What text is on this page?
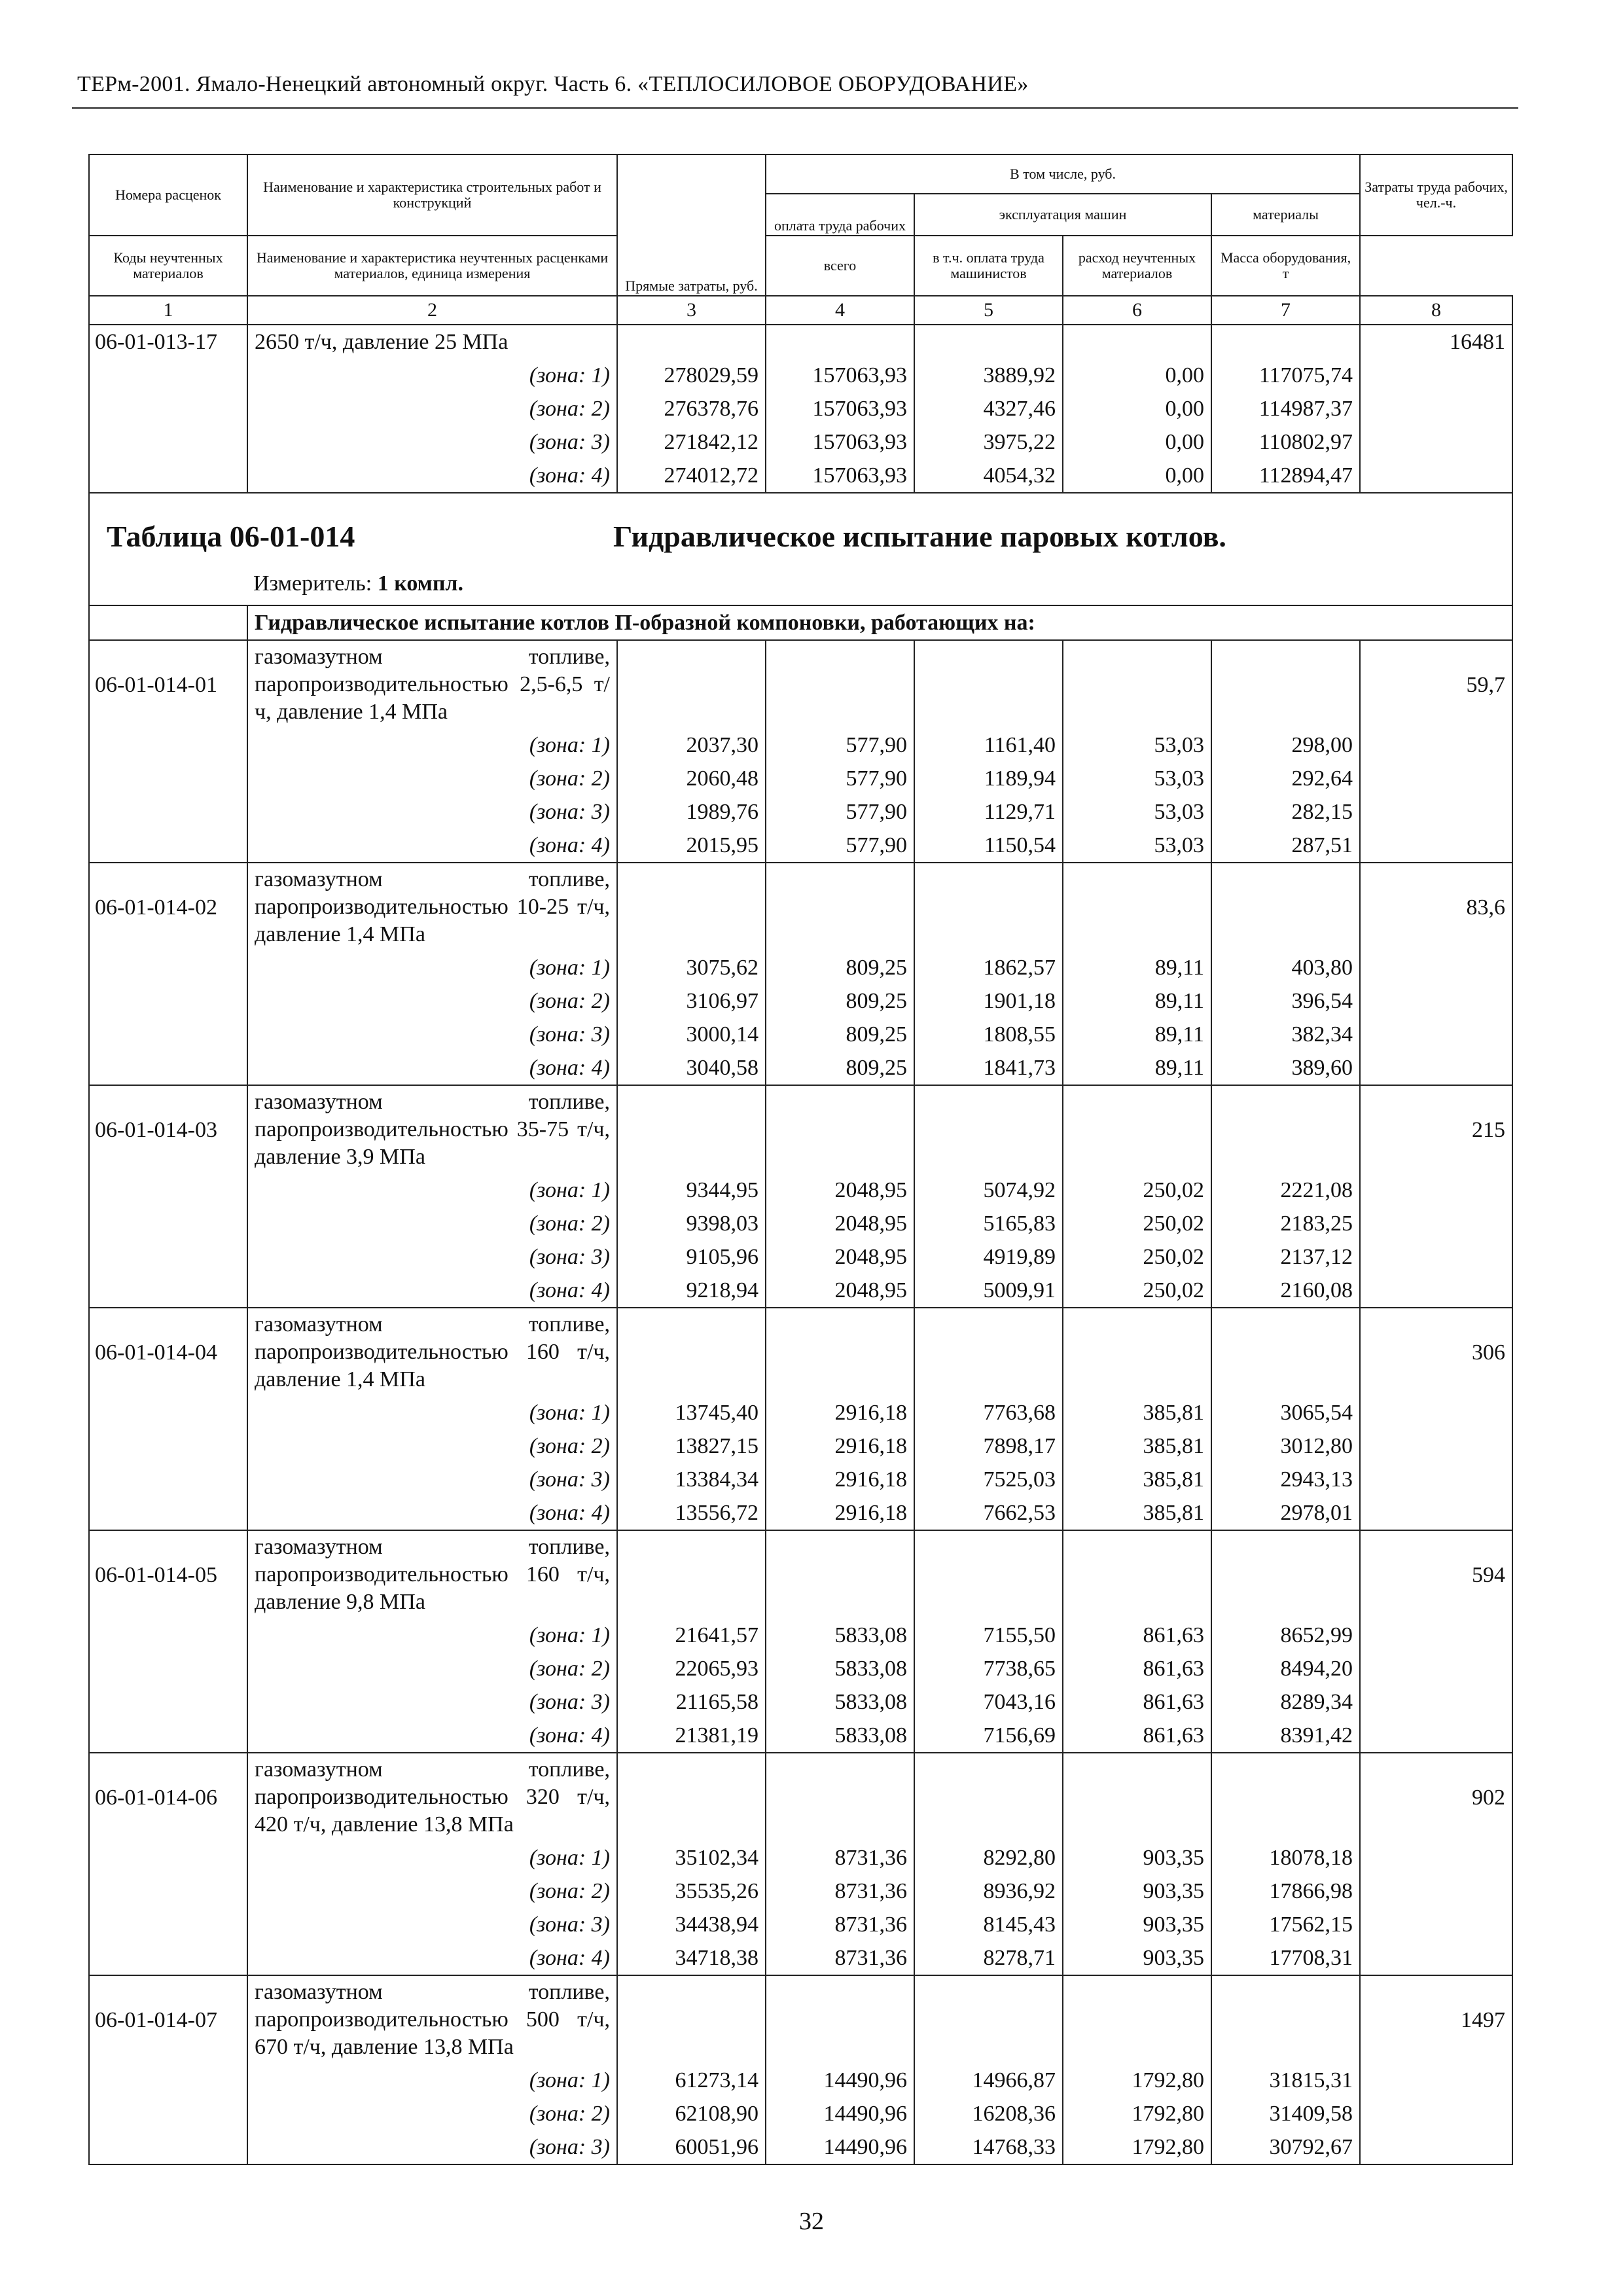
ТЕРм-2001. Ямало-Ненецкий автономный округ. Часть 6. «ТЕПЛОСИЛОВОЕ ОБОРУДОВАНИЕ»
Номера расценок	Наименование и характеристика строительных работ и конструкций	Прямые затраты, руб.	В том числе, руб.				Затраты труда рабочих, чел.-ч.
			оплата труда рабочих	эксплуатация машин		материалы	

Коды неучтенных материалов	Наименование и характеристика неучтенных расценками материалов, единица измерения		всего	в т.ч. оплата труда машинистов	расход неучтенных материалов	Масса оборудования, т	
1	2	3	4	5	6	7	8
06-01-013-17	2650 т/ч, давление 25 МПа						16481
	(зона: 1)	278029,59	157063,93	3889,92	0,00	117075,74	
	(зона: 2)	276378,76	157063,93	4327,46	0,00	114987,37	
	(зона: 3)	271842,12	157063,93	3975,22	0,00	110802,97	
	(зона: 4)	274012,72	157063,93	4054,32	0,00	112894,47	

Таблица 06-01-014 Гидравлическое испытание паровых котлов.
Измеритель: 1 компл.							

	Гидравлическое испытание котлов П-образной компоновки, работающих на:						
06-01-014-01	газомазутном топливе, паропроизводительностью 2,5-6,5 т/ч, давление 1,4 МПа						59,7
	(зона: 1)	2037,30	577,90	1161,40	53,03	298,00	
	(зона: 2)	2060,48	577,90	1189,94	53,03	292,64	
	(зона: 3)	1989,76	577,90	1129,71	53,03	282,15	
	(зона: 4)	2015,95	577,90	1150,54	53,03	287,51	
06-01-014-02	газомазутном топливе, паропроизводительностью 10-25 т/ч, давление 1,4 МПа						83,6
	(зона: 1)	3075,62	809,25	1862,57	89,11	403,80	
	(зона: 2)	3106,97	809,25	1901,18	89,11	396,54	
	(зона: 3)	3000,14	809,25	1808,55	89,11	382,34	
	(зона: 4)	3040,58	809,25	1841,73	89,11	389,60	
06-01-014-03	газомазутном топливе, паропроизводительностью 35-75 т/ч, давление 3,9 МПа						215
	(зона: 1)	9344,95	2048,95	5074,92	250,02	2221,08	
	(зона: 2)	9398,03	2048,95	5165,83	250,02	2183,25	
	(зона: 3)	9105,96	2048,95	4919,89	250,02	2137,12	
	(зона: 4)	9218,94	2048,95	5009,91	250,02	2160,08	
06-01-014-04	газомазутном топливе, паропроизводительностью 160 т/ч, давление 1,4 МПа						306
	(зона: 1)	13745,40	2916,18	7763,68	385,81	3065,54	
	(зона: 2)	13827,15	2916,18	7898,17	385,81	3012,80	
	(зона: 3)	13384,34	2916,18	7525,03	385,81	2943,13	
	(зона: 4)	13556,72	2916,18	7662,53	385,81	2978,01	
06-01-014-05	газомазутном топливе, паропроизводительностью 160 т/ч, давление 9,8 МПа						594
	(зона: 1)	21641,57	5833,08	7155,50	861,63	8652,99	
	(зона: 2)	22065,93	5833,08	7738,65	861,63	8494,20	
	(зона: 3)	21165,58	5833,08	7043,16	861,63	8289,34	
	(зона: 4)	21381,19	5833,08	7156,69	861,63	8391,42	
06-01-014-06	газомазутном топливе, паропроизводительностью 320 т/ч, 420 т/ч, давление 13,8 МПа						902
	(зона: 1)	35102,34	8731,36	8292,80	903,35	18078,18	
	(зона: 2)	35535,26	8731,36	8936,92	903,35	17866,98	
	(зона: 3)	34438,94	8731,36	8145,43	903,35	17562,15	
	(зона: 4)	34718,38	8731,36	8278,71	903,35	17708,31	
06-01-014-07	газомазутном топливе, паропроизводительностью 500 т/ч, 670 т/ч, давление 13,8 МПа						1497
	(зона: 1)	61273,14	14490,96	14966,87	1792,80	31815,31	
	(зона: 2)	62108,90	14490,96	16208,36	1792,80	31409,58	
	(зона: 3)	60051,96	14490,96	14768,33	1792,80	30792,67	
32
